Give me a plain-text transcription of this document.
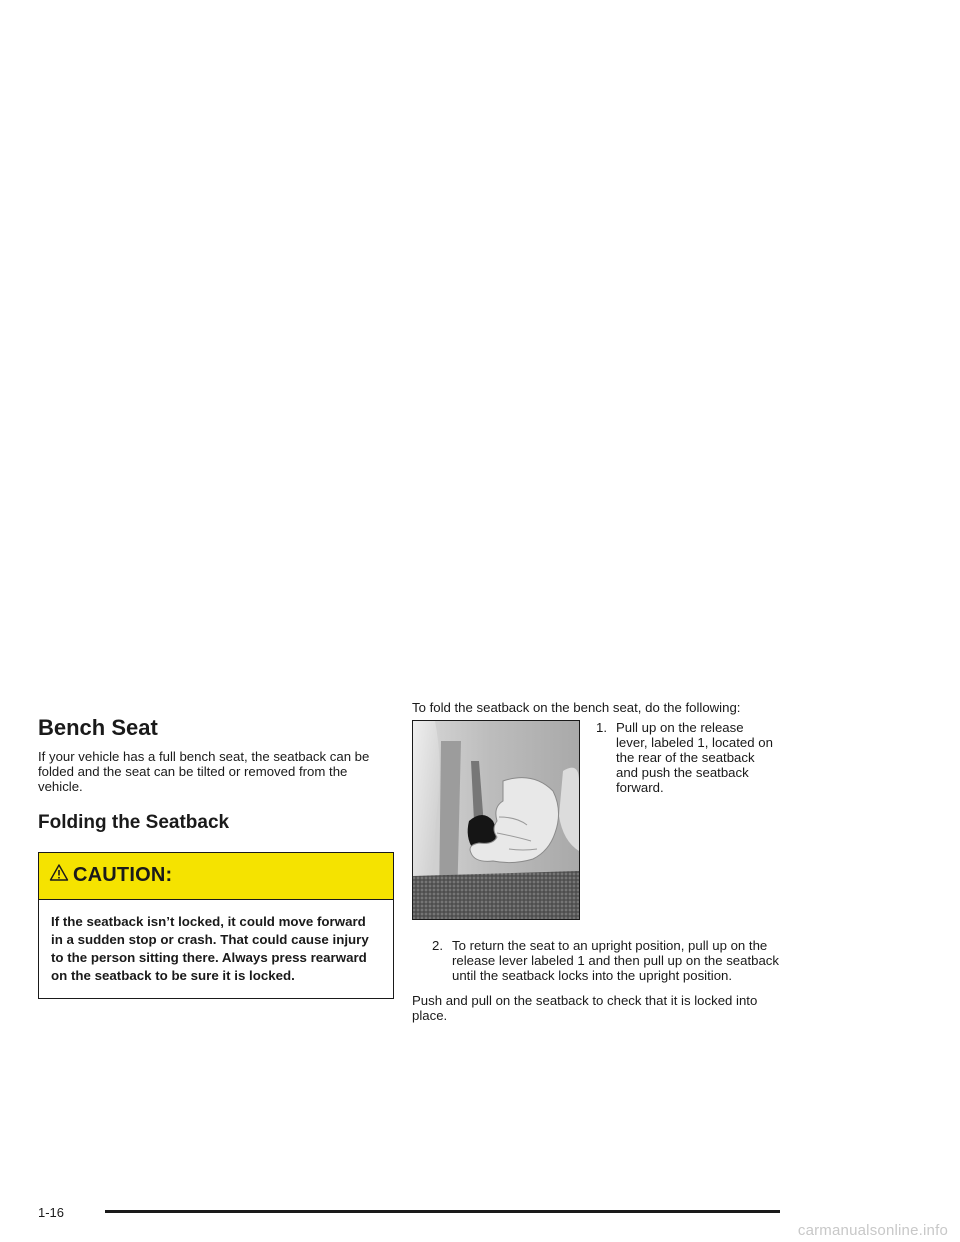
Bench Seat

If your vehicle has a full bench seat, the seatback can be folded and the seat can be tilted or removed from the vehicle.

Folding the Seatback
CAUTION:
If the seatback isn’t locked, it could move forward in a sudden stop or crash. That could cause injury to the person sitting there. Always press rearward on the seatback to be sure it is locked.

To fold the seatback on the bench seat, do the following:

1. Pull up on the release lever, labeled 1, located on the rear of the seatback and push the seatback forward.
2. To return the seat to an upright position, pull up on the release lever labeled 1 and then pull up on the seatback until the seatback locks into the upright position.

Push and pull on the seatback to check that it is locked into place.

1-16
carmanualsonline.info
